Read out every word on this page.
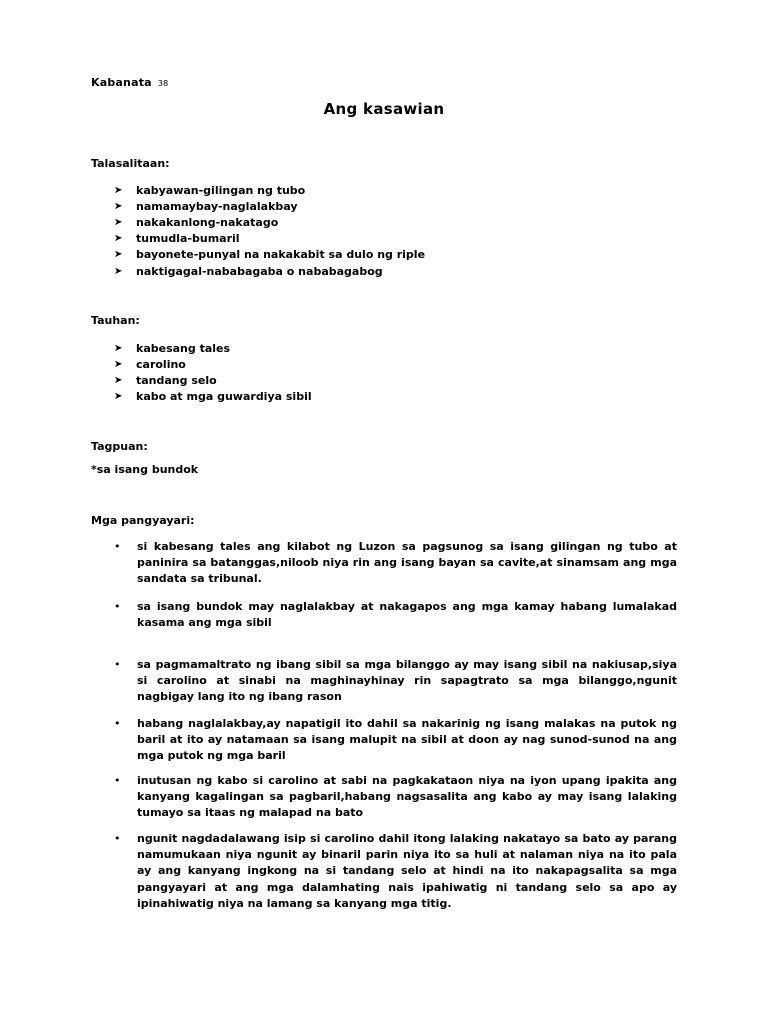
Kabanata 38
Ang kasawian
Talasalitaan:
➤	kabyawan-gilingan ng tubo
➤	namamaybay-naglalakbay
➤	nakakanlong-nakatago
➤	tumudla-bumaril
➤	bayonete-punyal na nakakabit sa dulo ng riple
➤	naktigagal-nababagaba o nababagabog
Tauhan:
➤	kabesang tales
➤	carolino
➤	tandang selo
➤	kabo at mga guwardiya sibil
Tagpuan:
*sa isang bundok
Mga pangyayari:
• si kabesang tales ang kilabot ng Luzon sa pagsunog sa isang gilingan ng tubo at paninira sa batanggas,niloob niya rin ang isang bayan sa cavite,at sinamsam ang mga sandata sa tribunal.

• sa isang bundok may naglalakbay at nakagapos ang mga kamay habang lumalakad kasama ang mga sibil

• sa pagmamaltrato ng ibang sibil sa mga bilanggo ay may isang sibil na nakiusap,siya si carolino at sinabi na maghinayhinay rin sapagtrato sa mga bilanggo,ngunit nagbigay lang ito ng ibang rason

• habang naglalakbay,ay napatigil ito dahil sa nakarinig ng isang malakas na putok ng baril at ito ay natamaan sa isang malupit na sibil at doon ay nag sunod-sunod na ang mga putok ng mga baril

• inutusan ng kabo si carolino at sabi na pagkakataon niya na iyon upang ipakita ang kanyang kagalingan sa pagbaril,habang nagsasalita ang kabo ay may isang lalaking tumayo sa itaas ng malapad na bato

• ngunit nagdadalawang isip si carolino dahil itong lalaking nakatayo sa bato ay parang namumukaan niya ngunit ay binaril parin niya ito sa huli at nalaman niya na ito pala ay ang kanyang ingkong na si tandang selo at hindi na ito nakapagsalita sa mga pangyayari at ang mga dalamhating nais ipahiwatig ni tandang selo sa apo ay ipinahiwatig niya na lamang sa kanyang mga titig.
